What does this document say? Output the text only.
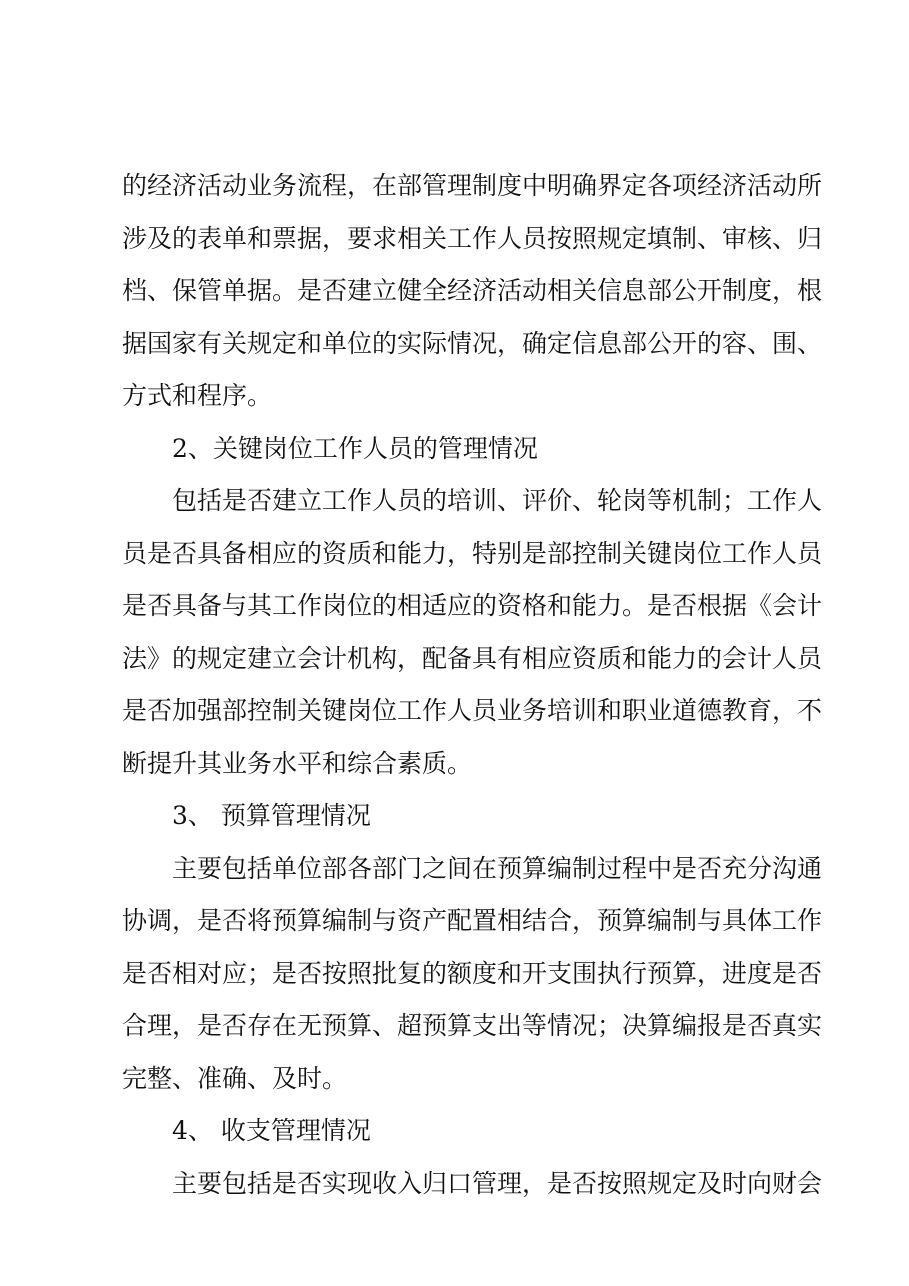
的经济活动业务流程，在部管理制度中明确界定各项经济活动所
涉及的表单和票据，要求相关工作人员按照规定填制、审核、归
档、保管单据。是否建立健全经济活动相关信息部公开制度，根
据国家有关规定和单位的实际情况，确定信息部公开的容、围、
方式和程序。
2、关键岗位工作人员的管理情况
包括是否建立工作人员的培训、评价、轮岗等机制；工作人
员是否具备相应的资质和能力，特别是部控制关键岗位工作人员
是否具备与其工作岗位的相适应的资格和能力。是否根据《会计
法》的规定建立会计机构，配备具有相应资质和能力的会计人员
是否加强部控制关键岗位工作人员业务培训和职业道德教育，不
断提升其业务水平和综合素质。
3、 预算管理情况
主要包括单位部各部门之间在预算编制过程中是否充分沟通
协调，是否将预算编制与资产配置相结合，预算编制与具体工作
是否相对应；是否按照批复的额度和开支围执行预算，进度是否
合理，是否存在无预算、超预算支出等情况；决算编报是否真实
完整、准确、及时。
4、 收支管理情况
主要包括是否实现收入归口管理，是否按照规定及时向财会
